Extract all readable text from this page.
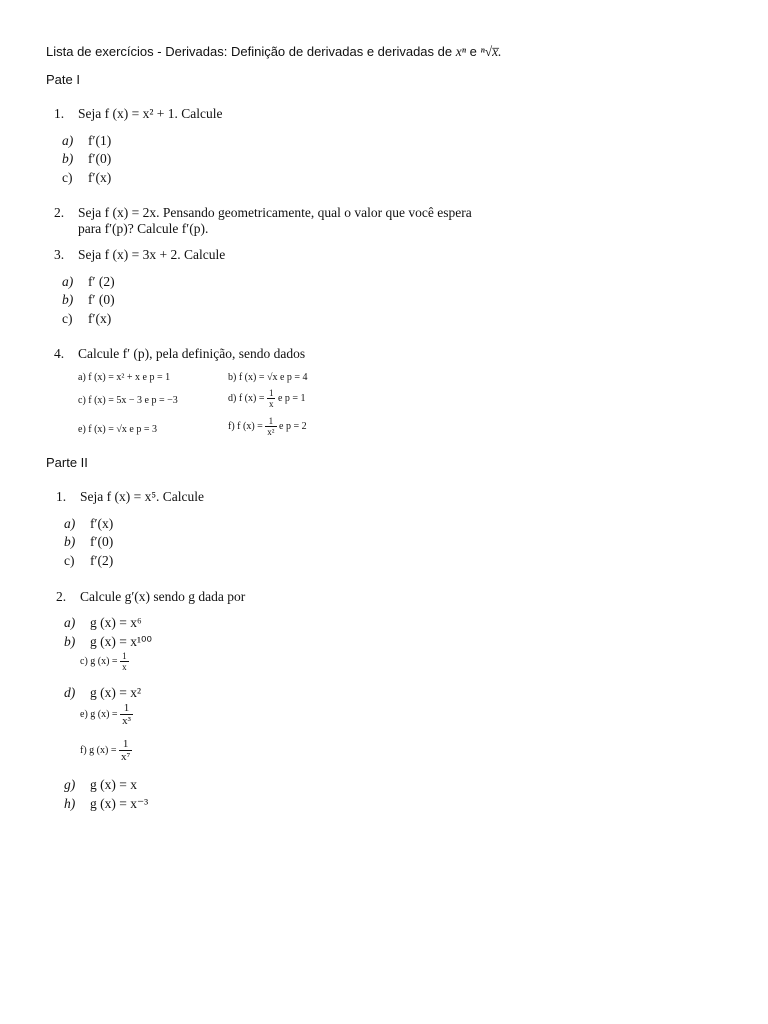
Lista de exercícios - Derivadas: Definição de derivadas e derivadas de xⁿ e ⁿ√x̅.
Pate I
1. Seja f (x) = x² + 1. Calcule
a) f′(1)
b) f′(0)
c) f′(x)
2. Seja f (x) = 2x. Pensando geometricamente, qual o valor que você espera
para f′(p)? Calcule f′(p).
3. Seja f (x) = 3x + 2. Calcule
a) f′ (2)
b) f′ (0)
c) f′(x)
4. Calcule f′ (p), pela definição, sendo dados
a) f (x) = x² + x e p = 1	b) f (x) = √x e p = 4
c) f (x) = 5x − 3 e p = −3	d) f $(x) = \frac{1}{x}$ e p = 1
e) f (x) = √x e p = 3	f) f $(x) = \frac{1}{\text{x²}}$ e p = 2
Parte II
1. Seja f (x) = x⁵. Calcule
a) f′(x)
b) f′(0)
c) f′(2)
2. Calcule g′(x) sendo g dada por
a) g (x) = x⁶
b) g (x) = x¹⁰⁰
c) g $(x) = \frac{1}{x}$
d) g (x) = x²
e) g $(x) = \frac{1}{\text{x³}}$
f) g $(x) = \frac{1}{\text{x⁷}}$
g) g (x) = x
h) g (x) = x⁻³
